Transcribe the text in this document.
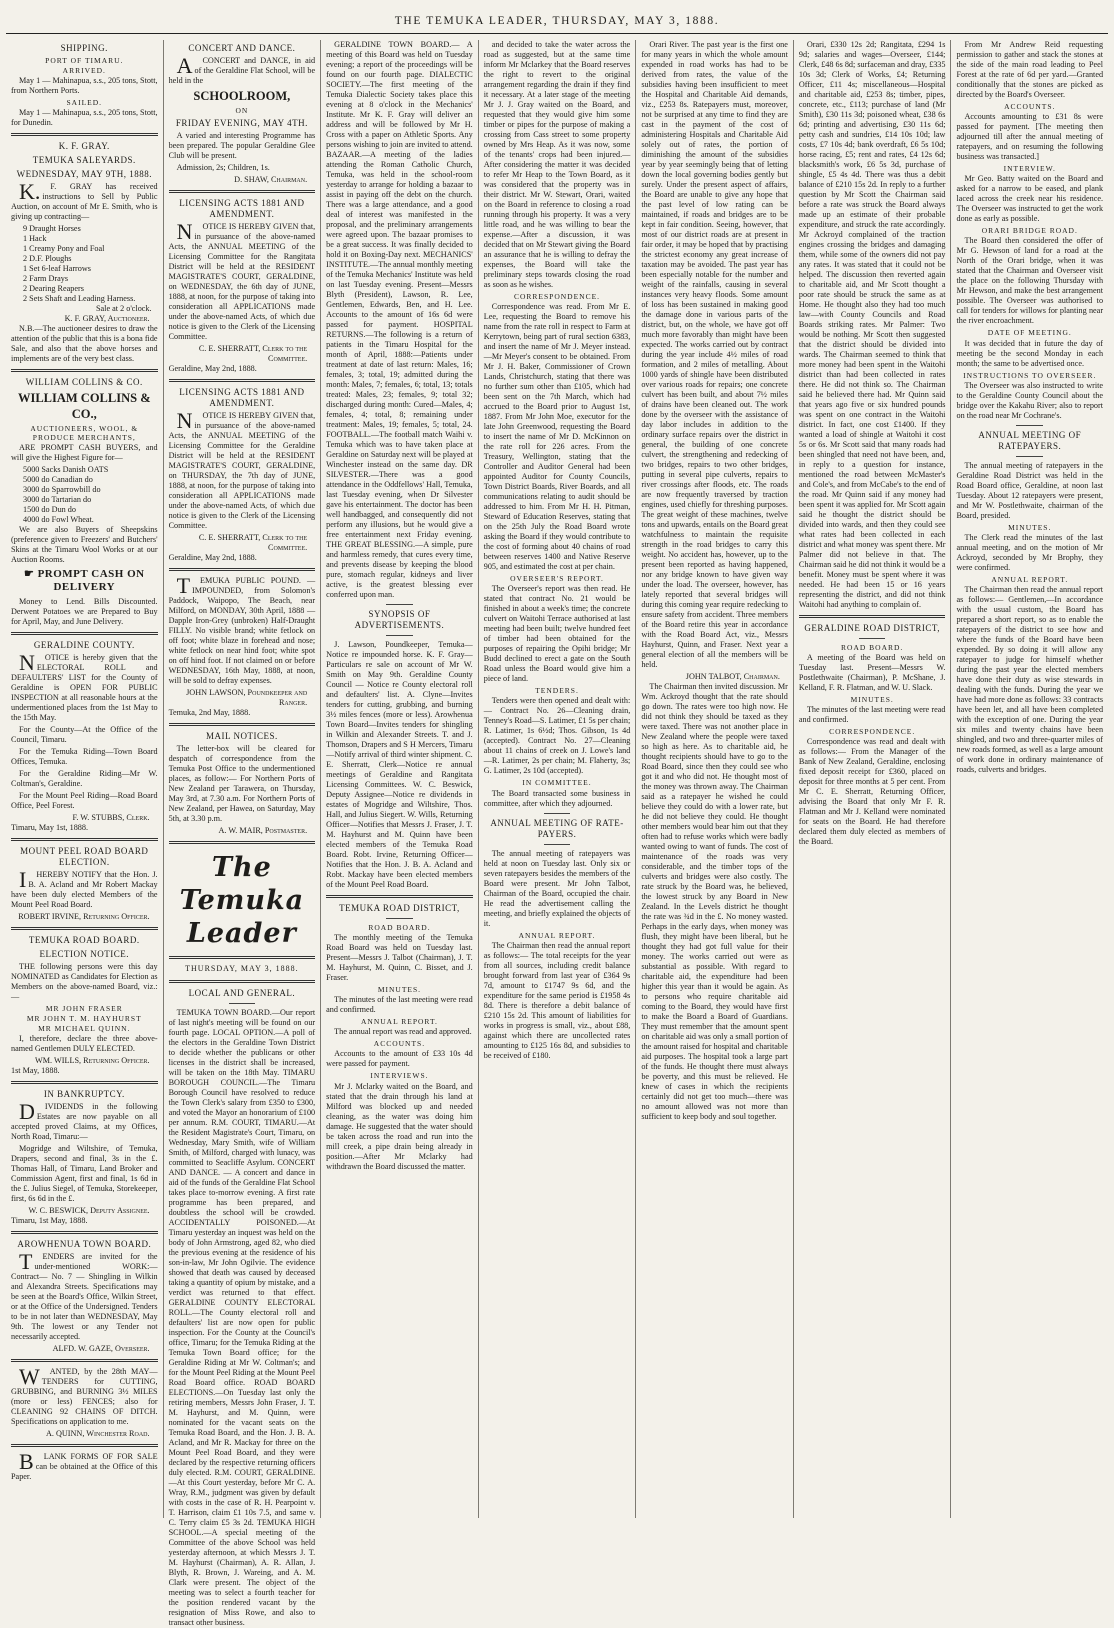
THE TEMUKA LEADER, THURSDAY, MAY 3, 1888.
SHIPPING.
PORT OF TIMARU.
ARRIVED.
May 1 — Mahinapua, s.s., 205 tons, Stott, from Northern Ports.
SAILED.
May 1 — Mahinapua, s.s., 205 tons, Stott, for Dunedin.
K. F. GRAY.
TEMUKA SALEYARDS.
WEDNESDAY, MAY 9TH, 1888.
K.F. GRAY has received instructions to Sell by Public Auction, on account of Mr E. Smith, who is giving up contracting—
9 Draught Horses
1 Hack
1 Creamy Pony and Foal
2 D.F. Ploughs
1 Set 6-leaf Harrows
2 Farm Drays
2 Dearing Reapers
2 Sets Shaft and Leading Harness.
Sale at 2 o'clock.
K. F. GRAY, Auctioneer.
N.B.—The auctioneer desires to draw the attention of the public that this is a bona fide Sale, and also that the above horses and implements are of the very best class.
WILLIAM COLLINS & CO.
WILLIAM COLLINS & CO.,
AUCTIONEERS, WOOL, & PRODUCE MERCHANTS,
ARE PROMPT CASH BUYERS, and will give the Highest Figure for—
5000 Sacks Danish OATS
5000 do Canadian do
3000 do Sparrowbill do
3000 do Tartarian do
1500 do Dun do
4000 do Fowl Wheat.
We are also Buyers of Sheepskins (preference given to Freezers' and Butchers' Skins at the Timaru Wool Works or at our Auction Rooms.
☛ PROMPT CASH ON DELIVERY
Money to Lend. Bills Discounted. Derwent Potatoes we are Prepared to Buy for April, May, and June Delivery.
GERALDINE COUNTY.
NOTICE is hereby given that the ELECTORAL ROLL and DEFAULTERS' LIST for the County of Geraldine is OPEN FOR PUBLIC INSPECTION at all reasonable hours at the undermentioned places from the 1st May to the 15th May.
For the County—At the Office of the Council, Timaru.
For the Temuka Riding—Town Board Offices, Temuka.
For the Geraldine Riding—Mr W. Coltman's, Geraldine.
For the Mount Peel Riding—Road Board Office, Peel Forest.
F. W. STUBBS, Clerk.
Timaru, May 1st, 1888.
MOUNT PEEL ROAD BOARD ELECTION.
IHEREBY NOTIFY that the Hon. J. B. A. Acland and Mr Robert Mackay have been duly elected Members of the Mount Peel Road Board.
ROBERT IRVINE, Returning Officer.
TEMUKA ROAD BOARD.
ELECTION NOTICE.
THE following persons were this day NOMINATED as Candidates for Election as Members on the above-named Board, viz.:—
MR JOHN FRASER
MR JOHN T. M. HAYHURST
MR MICHAEL QUINN.
I, therefore, declare the three above-named Gentlemen DULY ELECTED.
WM. WILLS, Returning Officer.
1st May, 1888.
IN BANKRUPTCY.
DIVIDENDS in the following Estates are now payable on all accepted proved Claims, at my Offices, North Road, Timaru:—
Mogridge and Wiltshire, of Temuka, Drapers, second and final, 3s in the £. Thomas Hall, of Timaru, Land Broker and Commission Agent, first and final, 1s 6d in the £. Julius Siegel, of Temuka, Storekeeper, first, 6s 6d in the £.
W. C. BESWICK, Deputy Assignee.
Timaru, 1st May, 1888.
AROWHENUA TOWN BOARD.
TENDERS are invited for the under-mentioned WORK:— Contract— No. 7 — Shingling in Wilkin and Alexandra Streets. Specifications may be seen at the Board's Office, Wilkin Street, or at the Office of the Undersigned. Tenders to be in not later than WEDNESDAY, May 9th. The lowest or any Tender not necessarily accepted.
ALFD. W. GAZE, Overseer.
WANTED, by the 28th MAY—TENDERS for CUTTING, GRUBBING, and BURNING 3½ MILES (more or less) FENCES; also for CLEANING 92 CHAINS OF DITCH. Specifications on application to me.
A. QUINN, Winchester Road.
BLANK FORMS OF FOR SALE can be obtained at the Office of this Paper.
CONCERT AND DANCE.
ACONCERT and DANCE, in aid of the Geraldine Flat School, will be held in the
SCHOOLROOM,
ON
FRIDAY EVENING, MAY 4TH.
A varied and interesting Programme has been prepared. The popular Geraldine Glee Club will be present.
Admission, 2s; Children, 1s.
D. SHAW, Chairman.
LICENSING ACTS 1881 AND AMENDMENT.
NOTICE IS HEREBY GIVEN that, in pursuance of the above-named Acts, the ANNUAL MEETING of the Licensing Committee for the Rangitata District will be held at the RESIDENT MAGISTRATE'S COURT, GERALDINE, on WEDNESDAY, the 6th day of JUNE, 1888, at noon, for the purpose of taking into consideration all APPLICATIONS made under the above-named Acts, of which due notice is given to the Clerk of the Licensing Committee.
C. E. SHERRATT, Clerk to the Committee.
Geraldine, May 2nd, 1888.
LICENSING ACTS 1881 AND AMENDMENT.
NOTICE IS HEREBY GIVEN that, in pursuance of the above-named Acts, the ANNUAL MEETING of the Licensing Committee for the Geraldine District will be held at the RESIDENT MAGISTRATE'S COURT, GERALDINE, on THURSDAY, the 7th day of JUNE, 1888, at noon, for the purpose of taking into consideration all APPLICATIONS made under the above-named Acts, of which due notice is given to the Clerk of the Licensing Committee.
C. E. SHERRATT, Clerk to the Committee.
Geraldine, May 2nd, 1888.
TEMUKA PUBLIC POUND. — IMPOUNDED, from Solomon's Paddock, Waipopo, The Beach, near Milford, on MONDAY, 30th April, 1888 — Dapple Iron-Grey (unbroken) Half-Draught FILLY. No visible brand; white fetlock on off foot; white blaze in forehead and nose; white fetlock on near hind foot; white spot on off hind foot. If not claimed on or before WEDNESDAY, 16th May, 1888, at noon, will be sold to defray expenses.
JOHN LAWSON, Poundkeeper and Ranger.
Temuka, 2nd May, 1888.
MAIL NOTICES.
The letter-box will be cleared for despatch of correspondence from the Temuka Post Office to the undermentioned places, as follow:— For Northern Ports of New Zealand per Tarawera, on Thursday, May 3rd, at 7.30 a.m. For Northern Ports of New Zealand, per Hawea, on Saturday, May 5th, at 3.30 p.m.
A. W. MAIR, Postmaster.
The Temuka Leader
THURSDAY, MAY 3, 1888.
LOCAL AND GENERAL.
TEMUKA TOWN BOARD.—Our report of last night's meeting will be found on our fourth page. LOCAL OPTION.—A poll of the electors in the Geraldine Town District to decide whether the publicans or other licenses in the district shall be increased, will be taken on the 18th May. TIMARU BOROUGH COUNCIL.—The Timaru Borough Council have resolved to reduce the Town Clerk's salary from £350 to £300, and voted the Mayor an honorarium of £100 per annum. R.M. COURT, TIMARU.—At the Resident Magistrate's Court, Timaru, on Wednesday, Mary Smith, wife of William Smith, of Milford, charged with lunacy, was committed to Seacliffe Asylum. CONCERT AND DANCE. — A concert and dance in aid of the funds of the Geraldine Flat School takes place to-morrow evening. A first rate programme has been prepared, and doubtless the school will be crowded. ACCIDENTALLY POISONED.—At Timaru yesterday an inquest was held on the body of John Armstrong, aged 82, who died the previous evening at the residence of his son-in-law, Mr John Ogilvie. The evidence showed that death was caused by deceased taking a quantity of opium by mistake, and a verdict was returned to that effect. GERALDINE COUNTY ELECTORAL ROLL.—The County electoral roll and defaulters' list are now open for public inspection. For the County at the Council's office, Timaru; for the Temuka Riding at the Temuka Town Board office; for the Geraldine Riding at Mr W. Coltman's; and for the Mount Peel Riding at the Mount Peel Road Board office. ROAD BOARD ELECTIONS.—On Tuesday last only the retiring members, Messrs John Fraser, J. T. M. Hayhurst, and M. Quinn, were nominated for the vacant seats on the Temuka Road Board, and the Hon. J. B. A. Acland, and Mr R. Mackay for three on the Mount Peel Road Board, and they were declared by the respective returning officers duly elected. R.M. COURT, GERALDINE.—At this Court yesterday, before Mr C. A. Wray, R.M., judgment was given by default with costs in the case of R. H. Pearpoint v. T. Harrison, claim £1 10s 7.5, and same v. C. Terry claim £5 3s 2d. TEMUKA HIGH SCHOOL.—A special meeting of the Committee of the above School was held yesterday afternoon, at which Messrs J. T. M. Hayhurst (Chairman), A. R. Allan, J. Blyth, R. Brown, J. Wareing, and A. M. Clark were present. The object of the meeting was to select a fourth teacher for the position rendered vacant by the resignation of Miss Rowe, and also to transact other business.
GERALDINE TOWN BOARD.— A meeting of this Board was held on Tuesday evening; a report of the proceedings will be found on our fourth page. DIALECTIC SOCIETY.—The first meeting of the Temuka Dialectic Society takes place this evening at 8 o'clock in the Mechanics' Institute. Mr K. F. Gray will deliver an address and will be followed by Mr H. Cross with a paper on Athletic Sports. Any persons wishing to join are invited to attend. BAZAAR.—A meeting of the ladies attending the Roman Catholic Church, Temuka, was held in the school-room yesterday to arrange for holding a bazaar to assist in paying off the debt on the church. There was a large attendance, and a good deal of interest was manifested in the proposal, and the preliminary arrangements were agreed upon. The bazaar promises to be a great success. It was finally decided to hold it on Boxing-Day next. MECHANICS' INSTITUTE.—The annual monthly meeting of the Temuka Mechanics' Institute was held on last Tuesday evening. Present—Messrs Blyth (President), Lawson, R. Lee, Gentlemen, Edwards, Ben, and H. Lee. Accounts to the amount of 16s 6d were passed for payment. HOSPITAL RETURNS.—The following is a return of patients in the Timaru Hospital for the month of April, 1888:—Patients under treatment at date of last return: Males, 16; females, 3; total, 19; admitted during the month: Males, 7; females, 6; total, 13; totals treated: Males, 23; females, 9; total 32; discharged during month: Cured—Males, 4; females, 4; total, 8; remaining under treatment: Males, 19; females, 5; total, 24. FOOTBALL.—The football match Waihi v. Temuka which was to have taken place at Geraldine on Saturday next will be played at Winchester instead on the same day. DR SILVESTER.—There was a good attendance in the Oddfellows' Hall, Temuka, last Tuesday evening, when Dr Silvester gave his entertainment. The doctor has been well handbagged, and consequently did not perform any illusions, but he would give a free entertainment next Friday evening. THE GREAT BLESSING.—A simple, pure and harmless remedy, that cures every time, and prevents disease by keeping the blood pure, stomach regular, kidneys and liver active, is the greatest blessing ever conferred upon man.
SYNOPSIS OF ADVERTISEMENTS.
J. Lawson, Poundkeeper, Temuka—Notice re impounded horse. K. F. Gray—Particulars re sale on account of Mr W. Smith on May 9th. Geraldine County Council — Notice re County electoral roll and defaulters' list. A. Clyne—Invites tenders for cutting, grubbing, and burning 3½ miles fences (more or less). Arowhenua Town Board—Invites tenders for shingling in Wilkin and Alexander Streets. T. and J. Thomson, Drapers and S H Mercers, Timaru—Notify arrival of third winter shipment. C. E. Sherratt, Clerk—Notice re annual meetings of Geraldine and Rangitata Licensing Committees. W. C. Beswick, Deputy Assignee—Notice re dividends in estates of Mogridge and Wiltshire, Thos. Hall, and Julius Siegert. W. Wills, Returning Officer—Notifies that Messrs J. Fraser, J. T. M. Hayhurst and M. Quinn have been elected members of the Temuka Road Board. Robt. Irvine, Returning Officer—Notifies that the Hon. J. B. A. Acland and Robt. Mackay have been elected members of the Mount Peel Road Board.
TEMUKA ROAD DISTRICT,
ROAD BOARD.
The monthly meeting of the Temuka Road Board was held on Tuesday last. Present—Messrs J. Talbot (Chairman), J. T. M. Hayhurst, M. Quinn, C. Bisset, and J. Fraser.
MINUTES.
The minutes of the last meeting were read and confirmed.
ANNUAL REPORT.
The annual report was read and approved.
ACCOUNTS.
Accounts to the amount of £33 10s 4d were passed for payment.
INTERVIEWS.
Mr J. Mclarky waited on the Board, and stated that the drain through his land at Milford was blocked up and needed cleaning, as the water was doing him damage. He suggested that the water should be taken across the road and run into the mill creek, a pipe drain being already in position.—After Mr Mclarky had withdrawn the Board discussed the matter.
and decided to take the water across the road as suggested, but at the same time inform Mr Mclarkey that the Board reserves the right to revert to the original arrangement regarding the drain if they find it necessary. At a later stage of the meeting Mr J. J. Gray waited on the Board, and requested that they would give him some timber or pipes for the purpose of making a crossing from Cass street to some property owned by Mrs Heap. As it was now, some of the tenants' crops had been injured.—After considering the matter it was decided to refer Mr Heap to the Town Board, as it was considered that the property was in their district. Mr W. Stewart, Orari, waited on the Board in reference to closing a road running through his property. It was a very little road, and he was willing to bear the expense.—After a discussion, it was decided that on Mr Stewart giving the Board an assurance that he is willing to defray the expenses, the Board will take the preliminary steps towards closing the road as soon as he wishes.
CORRESPONDENCE.
Correspondence was read. From Mr E. Lee, requesting the Board to remove his name from the rate roll in respect to Farm at Kerrytown, being part of rural section 6383, and insert the name of Mr J. Meyer instead.—Mr Meyer's consent to be obtained. From Mr J. H. Baker, Commissioner of Crown Lands, Christchurch, stating that there was no further sum other than £105, which had been sent on the 7th March, which had accrued to the Board prior to August 1st, 1887. From Mr John Moe, executor for the late John Greenwood, requesting the Board to insert the name of Mr D. McKinnon on the rate roll for 226 acres. From the Treasury, Wellington, stating that the Controller and Auditor General had been appointed Auditor for County Councils, Town District Boards, River Boards, and all communications relating to audit should be addressed to him. From Mr H. H. Pitman, Steward of Education Reserves, stating that on the 25th July the Road Board wrote asking the Board if they would contribute to the cost of forming about 40 chains of road between reserves 1400 and Native Reserve 905, and estimated the cost at per chain.
OVERSEER'S REPORT.
The Overseer's report was then read. He stated that contract No. 21 would be finished in about a week's time; the concrete culvert on Waitohi Terrace authorised at last meeting had been built; twelve hundred feet of timber had been obtained for the purposes of repairing the Opihi bridge; Mr Budd declined to erect a gate on the South Road unless the Board would give him a piece of land.
TENDERS.
Tenders were then opened and dealt with:— Contract No. 26—Cleaning drain, Tenney's Road—S. Latimer, £1 5s per chain; R. Latimer, 1s 6½d; Thos. Gibson, 1s 4d (accepted). Contract No. 27—Cleaning about 11 chains of creek on J. Lowe's land—R. Latimer, 2s per chain; M. Flaherty, 3s; G. Latimer, 2s 10d (accepted).
IN COMMITTEE.
The Board transacted some business in committee, after which they adjourned.
ANNUAL MEETING OF RATE-PAYERS.
The annual meeting of ratepayers was held at noon on Tuesday last. Only six or seven ratepayers besides the members of the Board were present. Mr John Talbot, Chairman of the Board, occupied the chair. He read the advertisement calling the meeting, and briefly explained the objects of it.
ANNUAL REPORT.
The Chairman then read the annual report as follows:— The total receipts for the year from all sources, including credit balance brought forward from last year of £364 9s 7d, amount to £1747 9s 6d, and the expenditure for the same period is £1958 4s 8d. There is therefore a debit balance of £210 15s 2d. This amount of liabilities for works in progress is small, viz., about £88, against which there are uncollected rates amounting to £125 16s 8d, and subsidies to be received of £180.
Orari River. The past year is the first one for many years in which the whole amount expended in road works has had to be derived from rates, the value of the subsidies having been insufficient to meet the Hospital and Charitable Aid demands, viz., £253 8s. Ratepayers must, moreover, not be surprised at any time to find they are cast in the payment of the cost of administering Hospitals and Charitable Aid solely out of rates, the portion of diminishing the amount of the subsidies year by year seemingly being that of letting down the local governing bodies gently but surely. Under the present aspect of affairs, the Board are unable to give any hope that the past level of low rating can be maintained, if roads and bridges are to be kept in fair condition. Seeing, however, that most of our district roads are at present in fair order, it may be hoped that by practising the strictest economy any great increase of taxation may be avoided. The past year has been especially notable for the number and weight of the rainfalls, causing in several instances very heavy floods. Some amount of loss has been sustained in making good the damage done in various parts of the district, but, on the whole, we have got off much more favorably than might have been expected. The works carried out by contract during the year include 4½ miles of road formation, and 2 miles of metalling. About 1000 yards of shingle have been distributed over various roads for repairs; one concrete culvert has been built, and about 7½ miles of drains have been cleaned out. The work done by the overseer with the assistance of day labor includes in addition to the ordinary surface repairs over the district in general, the building of one concrete culvert, the strengthening and redecking of two bridges, repairs to two other bridges, putting in several pipe culverts, repairs to river crossings after floods, etc. The roads are now frequently traversed by traction engines, used chiefly for threshing purposes. The great weight of these machines, twelve tons and upwards, entails on the Board great watchfulness to maintain the requisite strength in the road bridges to carry this weight. No accident has, however, up to the present been reported as having happened, nor any bridge known to have given way under the load. The overseer, however, has lately reported that several bridges will during this coming year require redecking to ensure safety from accident. Three members of the Board retire this year in accordance with the Road Board Act, viz., Messrs Hayhurst, Quinn, and Fraser. Next year a general election of all the members will be held.
JOHN TALBOT, Chairman.
The Chairman then invited discussion. Mr Wm. Ackroyd thought that the rate should go down. The rates were too high now. He did not think they should be taxed as they were taxed. There was not another place in New Zealand where the people were taxed so high as here. As to charitable aid, he thought recipients should have to go to the Road Board, since then they could see who got it and who did not. He thought most of the money was thrown away. The Chairman said as a ratepayer he wished he could believe they could do with a lower rate, but he did not believe they could. He thought other members would bear him out that they often had to refuse works which were badly wanted owing to want of funds. The cost of maintenance of the roads was very considerable, and the timber tops of the culverts and bridges were also costly. The rate struck by the Board was, he believed, the lowest struck by any Board in New Zealand. In the Levels district he thought the rate was ¾d in the £. No money wasted. Perhaps in the early days, when money was flush, they might have been liberal, but he thought they had got full value for their money. The works carried out were as substantial as possible. With regard to charitable aid, the expenditure had been higher this year than it would be again. As to persons who require charitable aid coming to the Board, they would have first to make the Board a Board of Guardians. They must remember that the amount spent on charitable aid was only a small portion of the amount raised for hospital and charitable aid purposes. The hospital took a large part of the funds. He thought there must always be poverty, and this must be relieved. He knew of cases in which the recipients certainly did not get too much—there was no amount allowed was not more than sufficient to keep body and soul together.
Orari, £330 12s 2d; Rangitata, £294 1s 9d; salaries and wages—Overseer, £144; Clerk, £48 6s 8d; surfaceman and dray, £335 10s 3d; Clerk of Works, £4; Returning Officer, £11 4s; miscellaneous—Hospital and charitable aid, £253 8s; timber, pipes, concrete, etc., £113; purchase of land (Mr Smith), £30 11s 3d; poisoned wheat, £38 6s 6d; printing and advertising, £30 11s 6d; petty cash and sundries, £14 10s 10d; law costs, £7 10s 4d; bank overdraft, £6 5s 10d; horse racing, £5; rent and rates, £4 12s 6d; blacksmith's work, £6 5s 3d, purchase of shingle, £5 4s 4d. There was thus a debit balance of £210 15s 2d. In reply to a further question by Mr Scott the Chairman said before a rate was struck the Board always made up an estimate of their probable expenditure, and struck the rate accordingly. Mr Ackroyd complained of the traction engines crossing the bridges and damaging them, while some of the owners did not pay any rates. It was stated that it could not be helped. The discussion then reverted again to charitable aid, and Mr Scott thought a poor rate should be struck the same as at Home. He thought also they had too much law—with County Councils and Road Boards striking rates. Mr Palmer: Two would be nothing. Mr Scott then suggested that the district should be divided into wards. The Chairman seemed to think that more money had been spent in the Waitohi district than had been collected in rates there. He did not think so. The Chairman said he believed there had. Mr Quinn said that years ago five or six hundred pounds was spent on one contract in the Waitohi district. In fact, one cost £1400. If they wanted a load of shingle at Waitohi it cost 5s or 6s. Mr Scott said that many roads had been shingled that need not have been, and, in reply to a question for instance, mentioned the road between McMaster's and Cole's, and from McCabe's to the end of the road. Mr Quinn said if any money had been spent it was applied for. Mr Scott again said he thought the district should be divided into wards, and then they could see what rates had been collected in each district and what money was spent there. Mr Palmer did not believe in that. The Chairman said he did not think it would be a benefit. Money must be spent where it was needed. He had been 15 or 16 years representing the district, and did not think Waitohi had anything to complain of.
GERALDINE ROAD DISTRICT,
ROAD BOARD.
A meeting of the Board was held on Tuesday last. Present—Messrs W. Postlethwaite (Chairman), P. McShane, J. Kelland, F. R. Flatman, and W. U. Slack.
MINUTES.
The minutes of the last meeting were read and confirmed.
CORRESPONDENCE.
Correspondence was read and dealt with as follows:— From the Manager of the Bank of New Zealand, Geraldine, enclosing fixed deposit receipt for £360, placed on deposit for three months at 5 per cent. From Mr C. E. Sherratt, Returning Officer, advising the Board that only Mr F. R. Flatman and Mr J. Kelland were nominated for seats on the Board. He had therefore declared them duly elected as members of the Board.
From Mr Andrew Reid requesting permission to gather and stack the stones at the side of the main road leading to Peel Forest at the rate of 6d per yard.—Granted conditionally that the stones are picked as directed by the Board's Overseer.
ACCOUNTS.
Accounts amounting to £31 8s were passed for payment. [The meeting then adjourned till after the annual meeting of ratepayers, and on resuming the following business was transacted.]
INTERVIEW.
Mr Geo. Batty waited on the Board and asked for a narrow to be eased, and plank laced across the creek near his residence. The Overseer was instructed to get the work done as early as possible.
ORARI BRIDGE ROAD.
The Board then considered the offer of Mr G. Hewson of land for a road at the North of the Orari bridge, when it was stated that the Chairman and Overseer visit the place on the following Thursday with Mr Hewson, and make the best arrangement possible. The Overseer was authorised to call for tenders for willows for planting near the river encroachment.
DATE OF MEETING.
It was decided that in future the day of meeting be the second Monday in each month; the same to be advertised once.
INSTRUCTIONS TO OVERSEER.
The Overseer was also instructed to write to the Geraldine County Council about the bridge over the Kakahu River; also to report on the road near Mr Cochrane's.
ANNUAL MEETING OF RATEPAYERS.
The annual meeting of ratepayers in the Geraldine Road District was held in the Road Board office, Geraldine, at noon last Tuesday. About 12 ratepayers were present, and Mr W. Postlethwaite, chairman of the Board, presided.
MINUTES.
The Clerk read the minutes of the last annual meeting, and on the motion of Mr Ackroyd, seconded by Mr Brophy, they were confirmed.
ANNUAL REPORT.
The Chairman then read the annual report as follows:— Gentlemen,—In accordance with the usual custom, the Board has prepared a short report, so as to enable the ratepayers of the district to see how and where the funds of the Board have been expended. By so doing it will allow any ratepayer to judge for himself whether during the past year the elected members have done their duty as wise stewards in dealing with the funds. During the year we have had more done as follows: 33 contracts have been let, and all have been completed with the exception of one. During the year six miles and twenty chains have been shingled, and two and three-quarter miles of new roads formed, as well as a large amount of work done in ordinary maintenance of roads, culverts and bridges.
